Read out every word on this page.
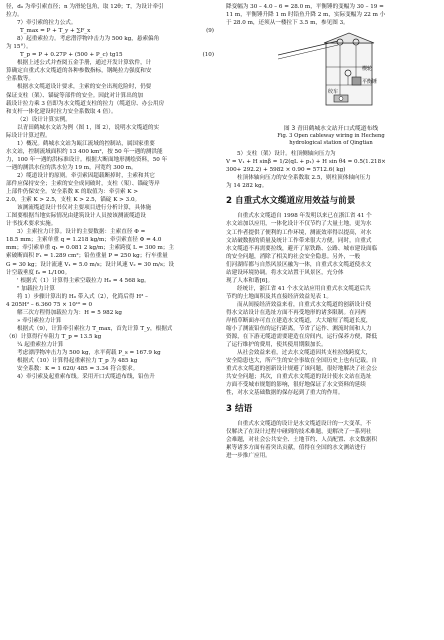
径，d₀ 为牵引索直径；n 为滑轮包角，取 12θ；T，为设计牵引
拉力。
7）牵引索的拉力公式。
T_max = P + T_y + ∑F_x	(9)
8）起重索拉力。考虑潜浮物冲击力为 500 kg，悬索偏角
为 15°）。
T_p = P + 0.27P + (500 + P_c) tg15	(10)
根据上述公式并查阅五金手册，通过开发计算软件，计
算确定自重式水文缆道的各种参数指标，钢绳拉力强度和安
全系数等。
根据水文缆道设计要求，主索的安全出现危险时，仍要
保证支柱（架）、锚碇等部件的安全。因此对计算出的加
载设计拉力乘 3 倍即为水文缆道支柱的拉力（缆道房、办公用房
和支杆一体化建设时拉力安全系数取 4 倍）。
（2）设计计算实例。
以青田鹤城水文站为例（图 1，图 2），说明水文缆道的实
际设计计算过程。
1）概况。鹤城水文站为瓯江流域的控制站，属国家重要
水文站，控制流域面积约 13 400 km²，按 50 年一遇的测洪能
力，100 年一遇的洪标准设计。根据大断面地形测绘资料，50 年
一遇的测洪水位的洪水位为 19 m，河宽约 300 m。
2）缆道设计的原则。牵引索因超载断掉时，主索和其它
部件应保持安全；主索的安全成同破时，支柱（架）、锚碇等岸
上部件仍保安全。安全系数 K 的取值为：牵引索 K >
2.0，主索 K > 2.5，支柱 K > 2.5，锚碇 K > 3.0。
该测流缆道设计书仅对主要项目进行分析计算，具体施
工图要根据当地实际情况由建筑设计人员按该测流缆道设
计书技术要求实施。
3）主索拉力计算。设计的主要数据：主索直径 Φ =
18.5 mm；主索单重 q = 1.218 kg/m；牵引索直径 Φ = 4.0
mm；牵引索单重 q₁ = 0.081 2 kg/m；主索跨度 L = 300 m；主
索破断面积 F₁ = 1.289 cm²；铅鱼重量 P = 250 kg；行车重量
G = 30 kg；设计流速 V₁ = 5.0 m/s；设计风速 V₂ = 30 m/s；设
计空载垂度 f₀ = L/100。
' 根据式（1）计算得主索空载拉力 H₀ = 4 568 kg。
" 加载拉力计算
将 1）步骤计算出的 H₀ 带入式（2），化简后得 H³ –
4 205H² – 6.360 75 × 10¹⁰ = 0
解三次方程得加载拉力为：H = 5 982 kg
» 牵引索拉力计算
根据式（9），计算牵引索拉力 T_max，首先计算 T_y，根据式
（6）计算得行车阻力 T_p = 13.5 kg
¼ 起重索拉力计算
考虑漂浮物冲击力为 500 kg，水平荷载 P_s = 167.9 kg
根据式（10）计算得起重索拉力 T_p 为 485 kg
安全系数：K = 1 620/ 485 = 3.34 符合要求。
4）牵引索及起重索布线。采用开口式缆道布线，铅鱼升
降变幅为 30 – 4.0 – 6 = 28.0 m，平衡锤的变幅为 30 – 19 =
11 m，平衡锤升降 1 m 时铅鱼升降 2 m，实际变幅为 22 m 小
于 28.0 m，还须从一楼拉下 3.5 m，参见图 3。
楔轮
平衡锤
绞车
图 3 青田鹤城水文站开口式缆道布线
Fig. 3 Open cableway wiring in Hecheng
hydrological station of Qingtian
5）支柱（架）设计。柱顶侧轴向压力为
V = V₁ + H sinβ = 1/2(qL + p₁) + H sin θ4 = 0.5(1.218×
300+ 292.2) + 5982 × 0.90 = 5712.6( kg)
柱顶体轴向压力的安全系数取 2.5，则柱顶体轴向压力
为 14 282 kg。
2 自重式水文缆道应用效益与前景
自重式水文缆道自 1998 年发明以来已在浙江省 41 个
水文站加以应用，一体化设计不仅节约了大量土地，更为水
文工作者提供了便利的工作环境，测流效率得以提高，对水
文站破数据的质量及统计工作带来很大方便。同时，自重式
水文缆道不再需要拉线，避开了原铁路、公路、城市建设面临
的安全问题，消除了相关的社会安全隐患。另外，一般
们河湖库都与自然风景区融为一体，自重式水文缆道使水文
站建设环境协调。将水文站置于风景区，充分体
现了人本和谐[6]。
经统计，浙江省 41 个水文站应用自重式水文缆道后共
节约的土地面积及其直接经济效益见表 1。
而从间接经济效益来看，自重式水文缆道的创新设计使
得水文站设计在选址方面不再受地形的诸多限制。在河两
岸植草断面亦可直立建造水文缆道，大大缩短了缆道长度，
缩小了测流铅鱼的运行距离，节省了运作、测流时间和人力
资源，在下游无缆道需要建造在房间内，运行保养方便，降低
了运行维护的费用，使其使用期限加长。
从社会效益来看，过去水文缆道因其支柱拉线跨度大，
安全隐患也大，所产生的安全事故在全国历史上也有记载。自
重式水文缆道的创新设计规避了该问题，很好地解决了社会公
共安全问题；其次，自重式水文缆道的设计使水文站在选址
方面不受城市规划的影响，很好地保证了水文资料的延续
性，对水文基础数据的保存起到了重大的作用。
3 结语
自重式水文缆道的设计是水文缆道设计的一大变革，不
仅解决了在设计过程中碰到的技术难题，更解决了一系列社
会难题，对社会公共安全、土地节约、人员配置、水文数据积
累等诸多方面有着突出贡献，值得在全国的水文测站进行
进一步推广应用。
